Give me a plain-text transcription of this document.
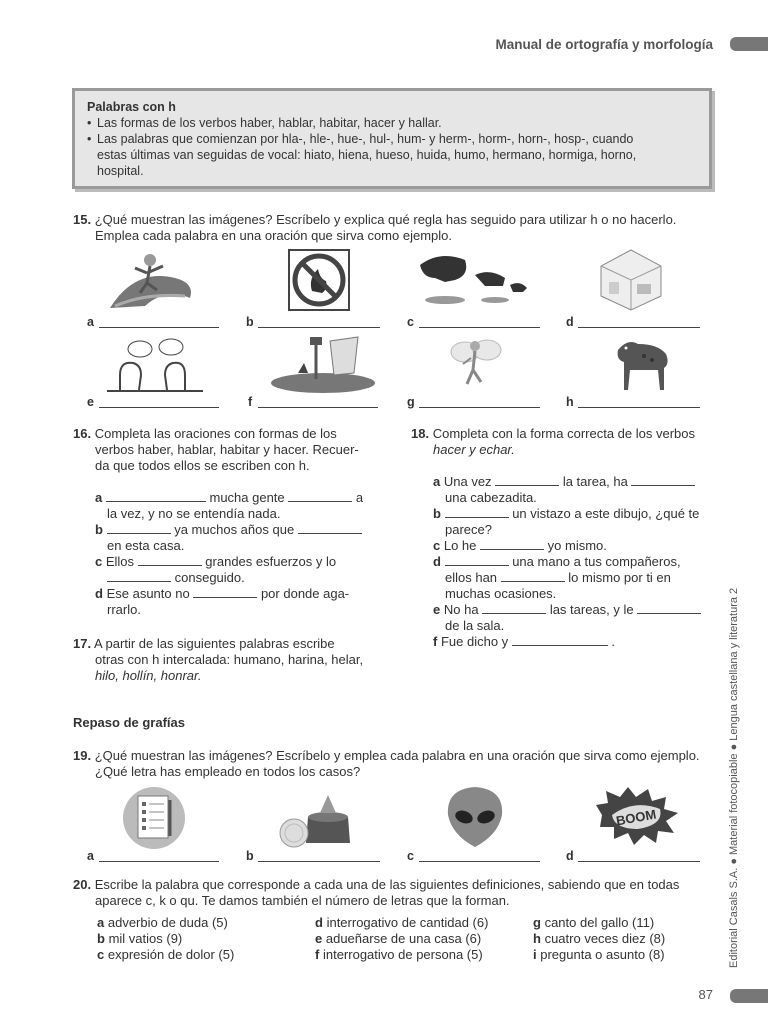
Manual de ortografía y morfología
87
Editorial Casals S.A. ● Material fotocopiable ● Lengua castellana y literatura 2
Palabras con h
• Las formas de los verbos haber, hablar, habitar, hacer y hallar.
• Las palabras que comienzan por hla-, hle-, hue-, hul-, hum- y herm-, horm-, horn-, hosp-, cuando
estas últimas van seguidas de vocal: hiato, hiena, hueso, huida, humo, hermano, hormiga, horno,
hospital.
15. ¿Qué muestran las imágenes? Escríbelo y explica qué regla has seguido para utilizar h o no hacerlo.
Emplea cada palabra en una oración que sirva como ejemplo.
a	b	c	d
e	f	g	h

16. Completa las oraciones con formas de los

verbos haber, hablar, habitar y hacer. Recuer-

da que todos ellos se escriben con h.

a	mucha gente	a

la vez, y no se entendía nada.

b	ya muchos años que

en esta casa.

c Ellos	grandes esfuerzos y lo

conseguido.

d Ese asunto no	por donde aga-

rrarlo.

17. A partir de las siguientes palabras escribe

otras con h intercalada: humano, harina, helar,

hilo, hollín, honrar.

18. Completa con la forma correcta de los verbos

hacer y echar.

a Una vez	la tarea, ha

una cabezadita.

b	un vistazo a este dibujo, ¿qué te

parece?

c Lo he	yo mismo.

d	una mano a tus compañeros,

ellos han	lo mismo por ti en

muchas ocasiones.

e No ha	las tareas, y le

de la sala.

f Fue dicho y	.

Repaso de grafías
19. ¿Qué muestran las imágenes? Escríbelo y emplea cada palabra en una oración que sirva como ejemplo.
¿Qué letra has empleado en todos los casos?
BOOM
a	b	c	d
20. Escribe la palabra que corresponde a cada una de las siguientes definiciones, sabiendo que en todas
aparece c, k o qu. Te damos también el número de letras que la forman.
a adverbio de duda (5)
b mil vatios (9)
c expresión de dolor (5)
d interrogativo de cantidad (6)
e adueñarse de una casa (6)
f interrogativo de persona (5)
g canto del gallo (11)
h cuatro veces diez (8)
i pregunta o asunto (8)
